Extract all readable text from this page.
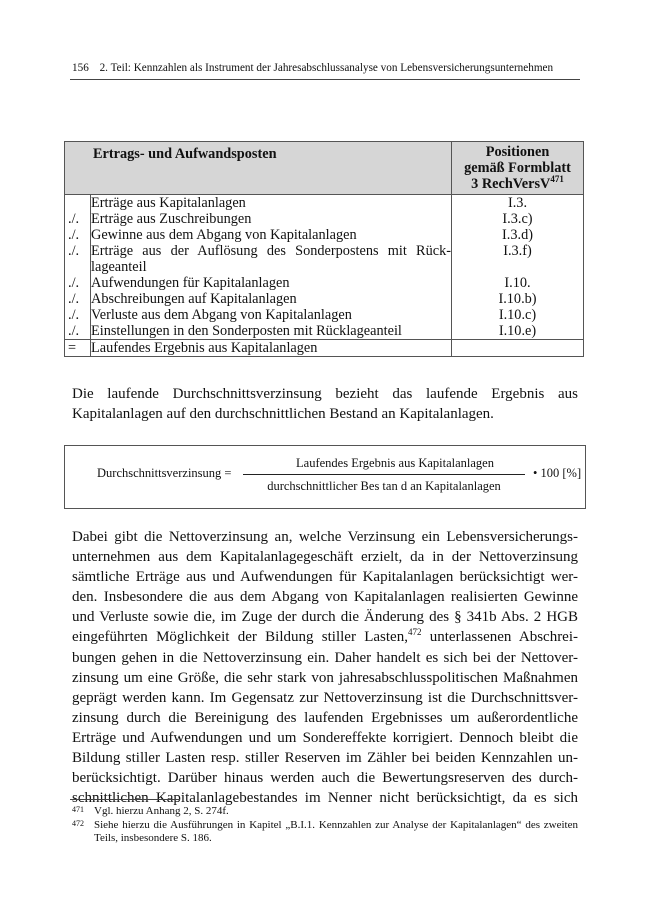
156 2. Teil: Kennzahlen als Instrument der Jahresabschlussanalyse von Lebensversicherungsunternehmen
Ertrags- und Aufwandsposten		Positionen
gemäß Formblatt
3 RechVersV$^{471}$

	Erträge aus Kapitalanlagen	I.3.
./.	Erträge aus Zuschreibungen	I.3.c)
./.	Gewinne aus dem Abgang von Kapitalanlagen	I.3.d)
./.	Erträge aus der Auflösung des Sonderpostens mit Rück-
lageanteil	I.3.f)
./.	Aufwendungen für Kapitalanlagen	I.10.
./.	Abschreibungen auf Kapitalanlagen	I.10.b)
./.	Verluste aus dem Abgang von Kapitalanlagen	I.10.c)
./.	Einstellungen in den Sonderposten mit Rücklageanteil	I.10.e)
=	Laufendes Ergebnis aus Kapitalanlagen	

Die laufende Durchschnittsverzinsung bezieht das laufende Ergebnis aus Kapitalanlagen auf den durchschnittlichen Bestand an Kapitalanlagen.

Durchschnittsverzinsung =
Laufendes Ergebnis aus Kapitalanlagen
durchschnittlicher Bes tan d an Kapitalanlagen
• 100 [%]
Dabei gibt die Nettoverzinsung an, welche Verzinsung ein Lebensversicherungs-
unternehmen aus dem Kapitalanlagegeschäft erzielt, da in der Nettoverzinsung
sämtliche Erträge aus und Aufwendungen für Kapitalanlagen berücksichtigt wer-
den. Insbesondere die aus dem Abgang von Kapitalanlagen realisierten Gewinne
und Verluste sowie die, im Zuge der durch die Änderung des § 341b Abs. 2 HGB
eingeführten Möglichkeit der Bildung stiller Lasten,$^{472}$ unterlassenen Abschrei-
bungen gehen in die Nettoverzinsung ein. Daher handelt es sich bei der Nettover-
zinsung um eine Größe, die sehr stark von jahresabschlusspolitischen Maßnahmen
geprägt werden kann. Im Gegensatz zur Nettoverzinsung ist die Durchschnittsver-
zinsung durch die Bereinigung des laufenden Ergebnisses um außerordentliche
Erträge und Aufwendungen und um Sondereffekte korrigiert. Dennoch bleibt die
Bildung stiller Lasten resp. stiller Reserven im Zähler bei beiden Kennzahlen un-
berücksichtigt. Darüber hinaus werden auch die Bewertungsreserven des durch-
schnittlichen Kapitalanlagebestandes im Nenner nicht berücksichtigt, da es sich
471 Vgl. hierzu Anhang 2, S. 274f.
472 Siehe hierzu die Ausführungen in Kapitel „B.I.1. Kennzahlen zur Analyse der Kapitalanlagen“ des zweiten Teils, insbesondere S. 186.
